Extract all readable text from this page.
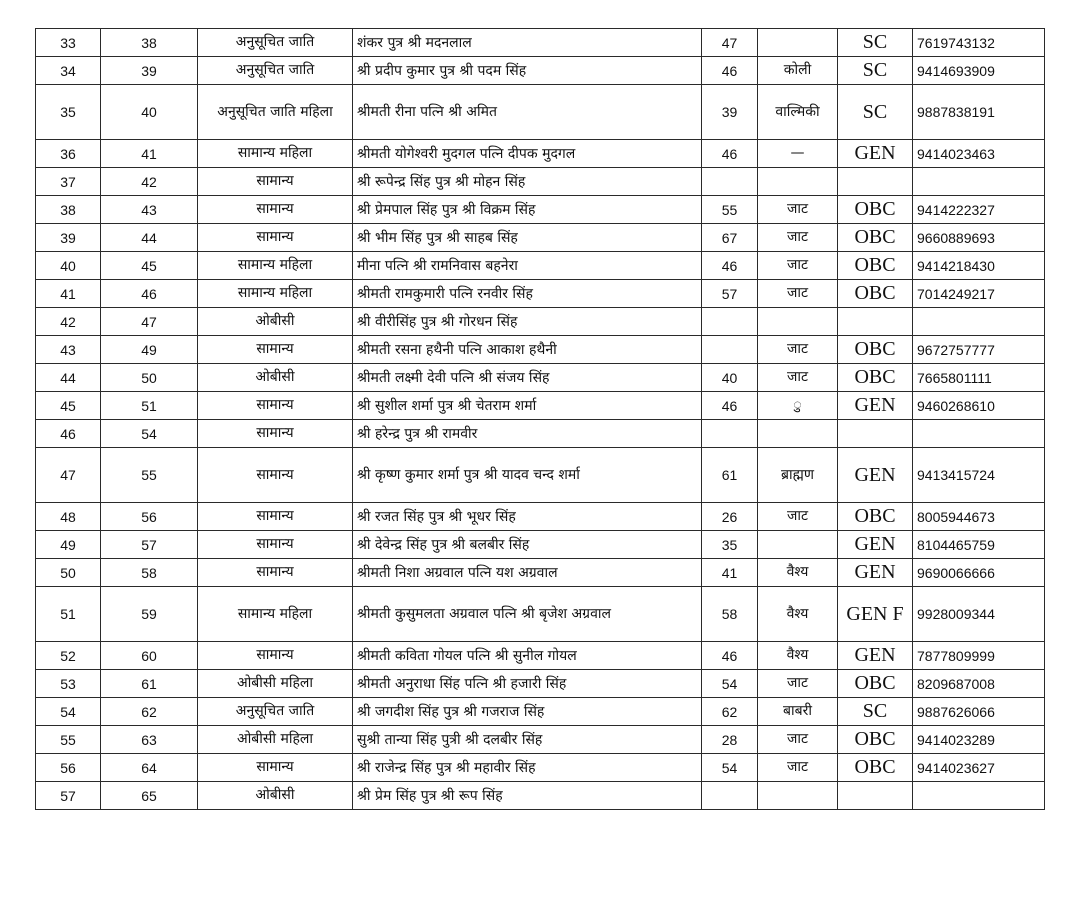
33	38	अनुसूचित जाति	शंकर पुत्र श्री मदनलाल	47		SC	7619743132
34	39	अनुसूचित जाति	श्री प्रदीप कुमार पुत्र श्री पदम सिंह	46	कोली	SC	9414693909
35	40	अनुसूचित जाति महिला	श्रीमती रीना पत्नि श्री अमित	39	वाल्मिकी	SC	9887838191
36	41	सामान्य महिला	श्रीमती योगेश्वरी मुदगल पत्नि दीपक मुदगल	46	—	GEN	9414023463
37	42	सामान्य	श्री रूपेन्द्र सिंह पुत्र श्री मोहन सिंह				
38	43	सामान्य	श्री प्रेमपाल सिंह पुत्र श्री विक्रम सिंह	55	जाट	OBC	9414222327
39	44	सामान्य	श्री भीम सिंह पुत्र श्री साहब सिंह	67	जाट	OBC	9660889693
40	45	सामान्य महिला	मीना पत्नि श्री रामनिवास बहनेरा	46	जाट	OBC	9414218430
41	46	सामान्य महिला	श्रीमती रामकुमारी पत्नि रनवीर सिंह	57	जाट	OBC	7014249217
42	47	ओबीसी	श्री वीरीसिंह पुत्र श्री गोरधन सिंह				
43	49	सामान्य	श्रीमती रसना हथैनी पत्नि आकाश हथैनी		जाट	OBC	9672757777
44	50	ओबीसी	श्रीमती लक्ष्मी देवी पत्नि श्री संजय सिंह	40	जाट	OBC	7665801111
45	51	सामान्य	श्री सुशील शर्मा पुत्र श्री चेतराम शर्मा	46	ु	GEN	9460268610
46	54	सामान्य	श्री हरेन्द्र पुत्र श्री रामवीर				
47	55	सामान्य	श्री कृष्ण कुमार शर्मा पुत्र श्री यादव चन्द शर्मा	61	ब्राह्मण	GEN	9413415724
48	56	सामान्य	श्री रजत सिंह पुत्र श्री भूधर सिंह	26	जाट	OBC	8005944673
49	57	सामान्य	श्री देवेन्द्र सिंह पुत्र श्री बलबीर सिंह	35		GEN	8104465759
50	58	सामान्य	श्रीमती निशा अग्रवाल पत्नि यश अग्रवाल	41	वैश्य	GEN	9690066666
51	59	सामान्य महिला	श्रीमती कुसुमलता अग्रवाल पत्नि श्री बृजेश अग्रवाल	58	वैश्य	GEN F	9928009344
52	60	सामान्य	श्रीमती कविता गोयल पत्नि श्री सुनील गोयल	46	वैश्य	GEN	7877809999
53	61	ओबीसी महिला	श्रीमती अनुराधा सिंह पत्नि श्री हजारी सिंह	54	जाट	OBC	8209687008
54	62	अनुसूचित जाति	श्री जगदीश सिंह पुत्र श्री गजराज सिंह	62	बाबरी	SC	9887626066
55	63	ओबीसी महिला	सुश्री तान्या सिंह पुत्री श्री दलबीर सिंह	28	जाट	OBC	9414023289
56	64	सामान्य	श्री राजेन्द्र सिंह पुत्र श्री महावीर सिंह	54	जाट	OBC	9414023627
57	65	ओबीसी	श्री प्रेम सिंह पुत्र श्री रूप सिंह				
